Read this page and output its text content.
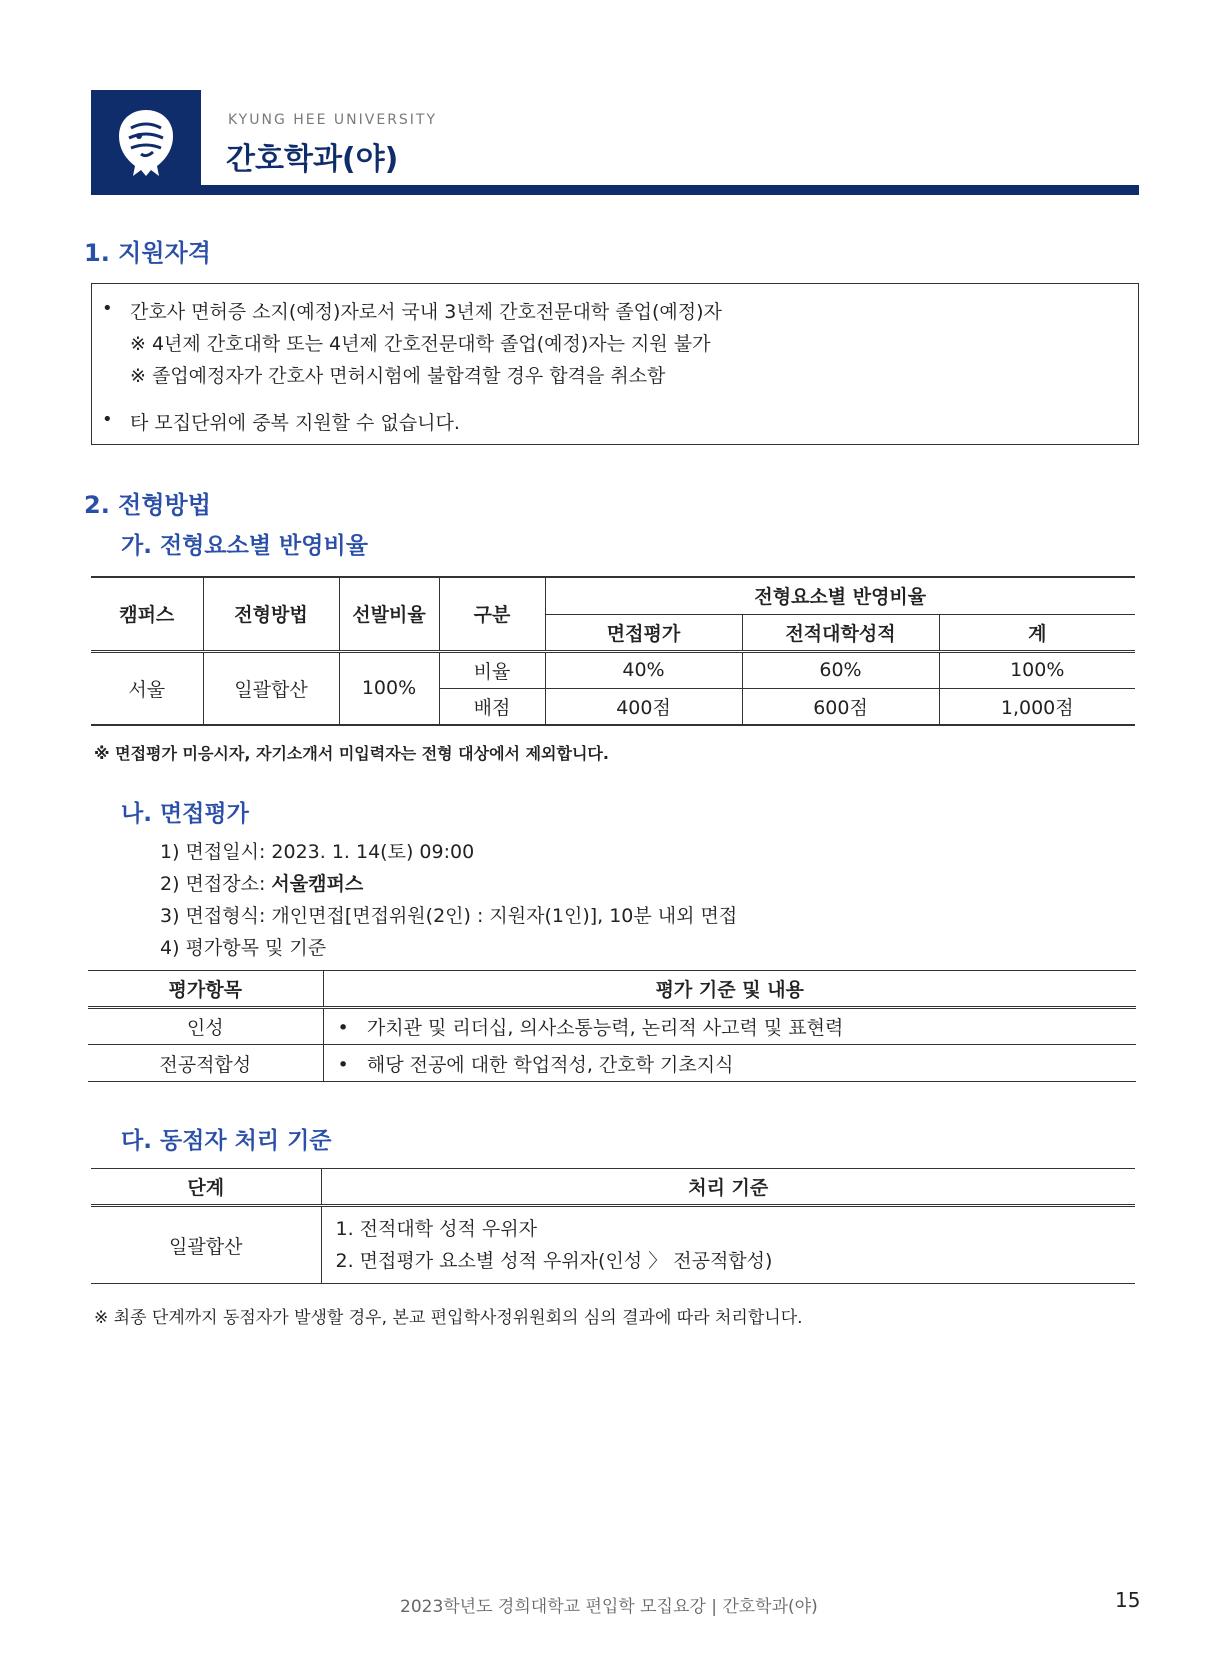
KYUNG HEE UNIVERSITY
간호학과(야)
1. 지원자격
• 간호사 면허증 소지(예정)자로서 국내 3년제 간호전문대학 졸업(예정)자
※ 4년제 간호대학 또는 4년제 간호전문대학 졸업(예정)자는 지원 불가
※ 졸업예정자가 간호사 면허시험에 불합격할 경우 합격을 취소함
• 타 모집단위에 중복 지원할 수 없습니다.
2. 전형방법
가. 전형요소별 반영비율
캠퍼스	전형방법	선발비율	구분	전형요소별 반영비율		
				면접평가	전적대학성적	계
서울	일괄합산	100%	비율	40%	60%	100%
			배점	400점	600점	1,000점
※ 면접평가 미응시자, 자기소개서 미입력자는 전형 대상에서 제외합니다.
나. 면접평가
1) 면접일시: 2023. 1. 14(토) 09:00
2) 면접장소: 서울캠퍼스
3) 면접형식: 개인면접[면접위원(2인) : 지원자(1인)], 10분 내외 면접
4) 평가항목 및 기준
평가항목	평가 기준 및 내용
인성	• 가치관 및 리더십, 의사소통능력, 논리적 사고력 및 표현력
전공적합성	• 해당 전공에 대한 학업적성, 간호학 기초지식
다. 동점자 처리 기준
단계	처리 기준
일괄합산	1. 전적대학 성적 우위자
2. 면접평가 요소별 성적 우위자(인성 〉 전공적합성)
※ 최종 단계까지 동점자가 발생할 경우, 본교 편입학사정위원회의 심의 결과에 따라 처리합니다.
2023학년도 경희대학교 편입학 모집요강 | 간호학과(야)	15
